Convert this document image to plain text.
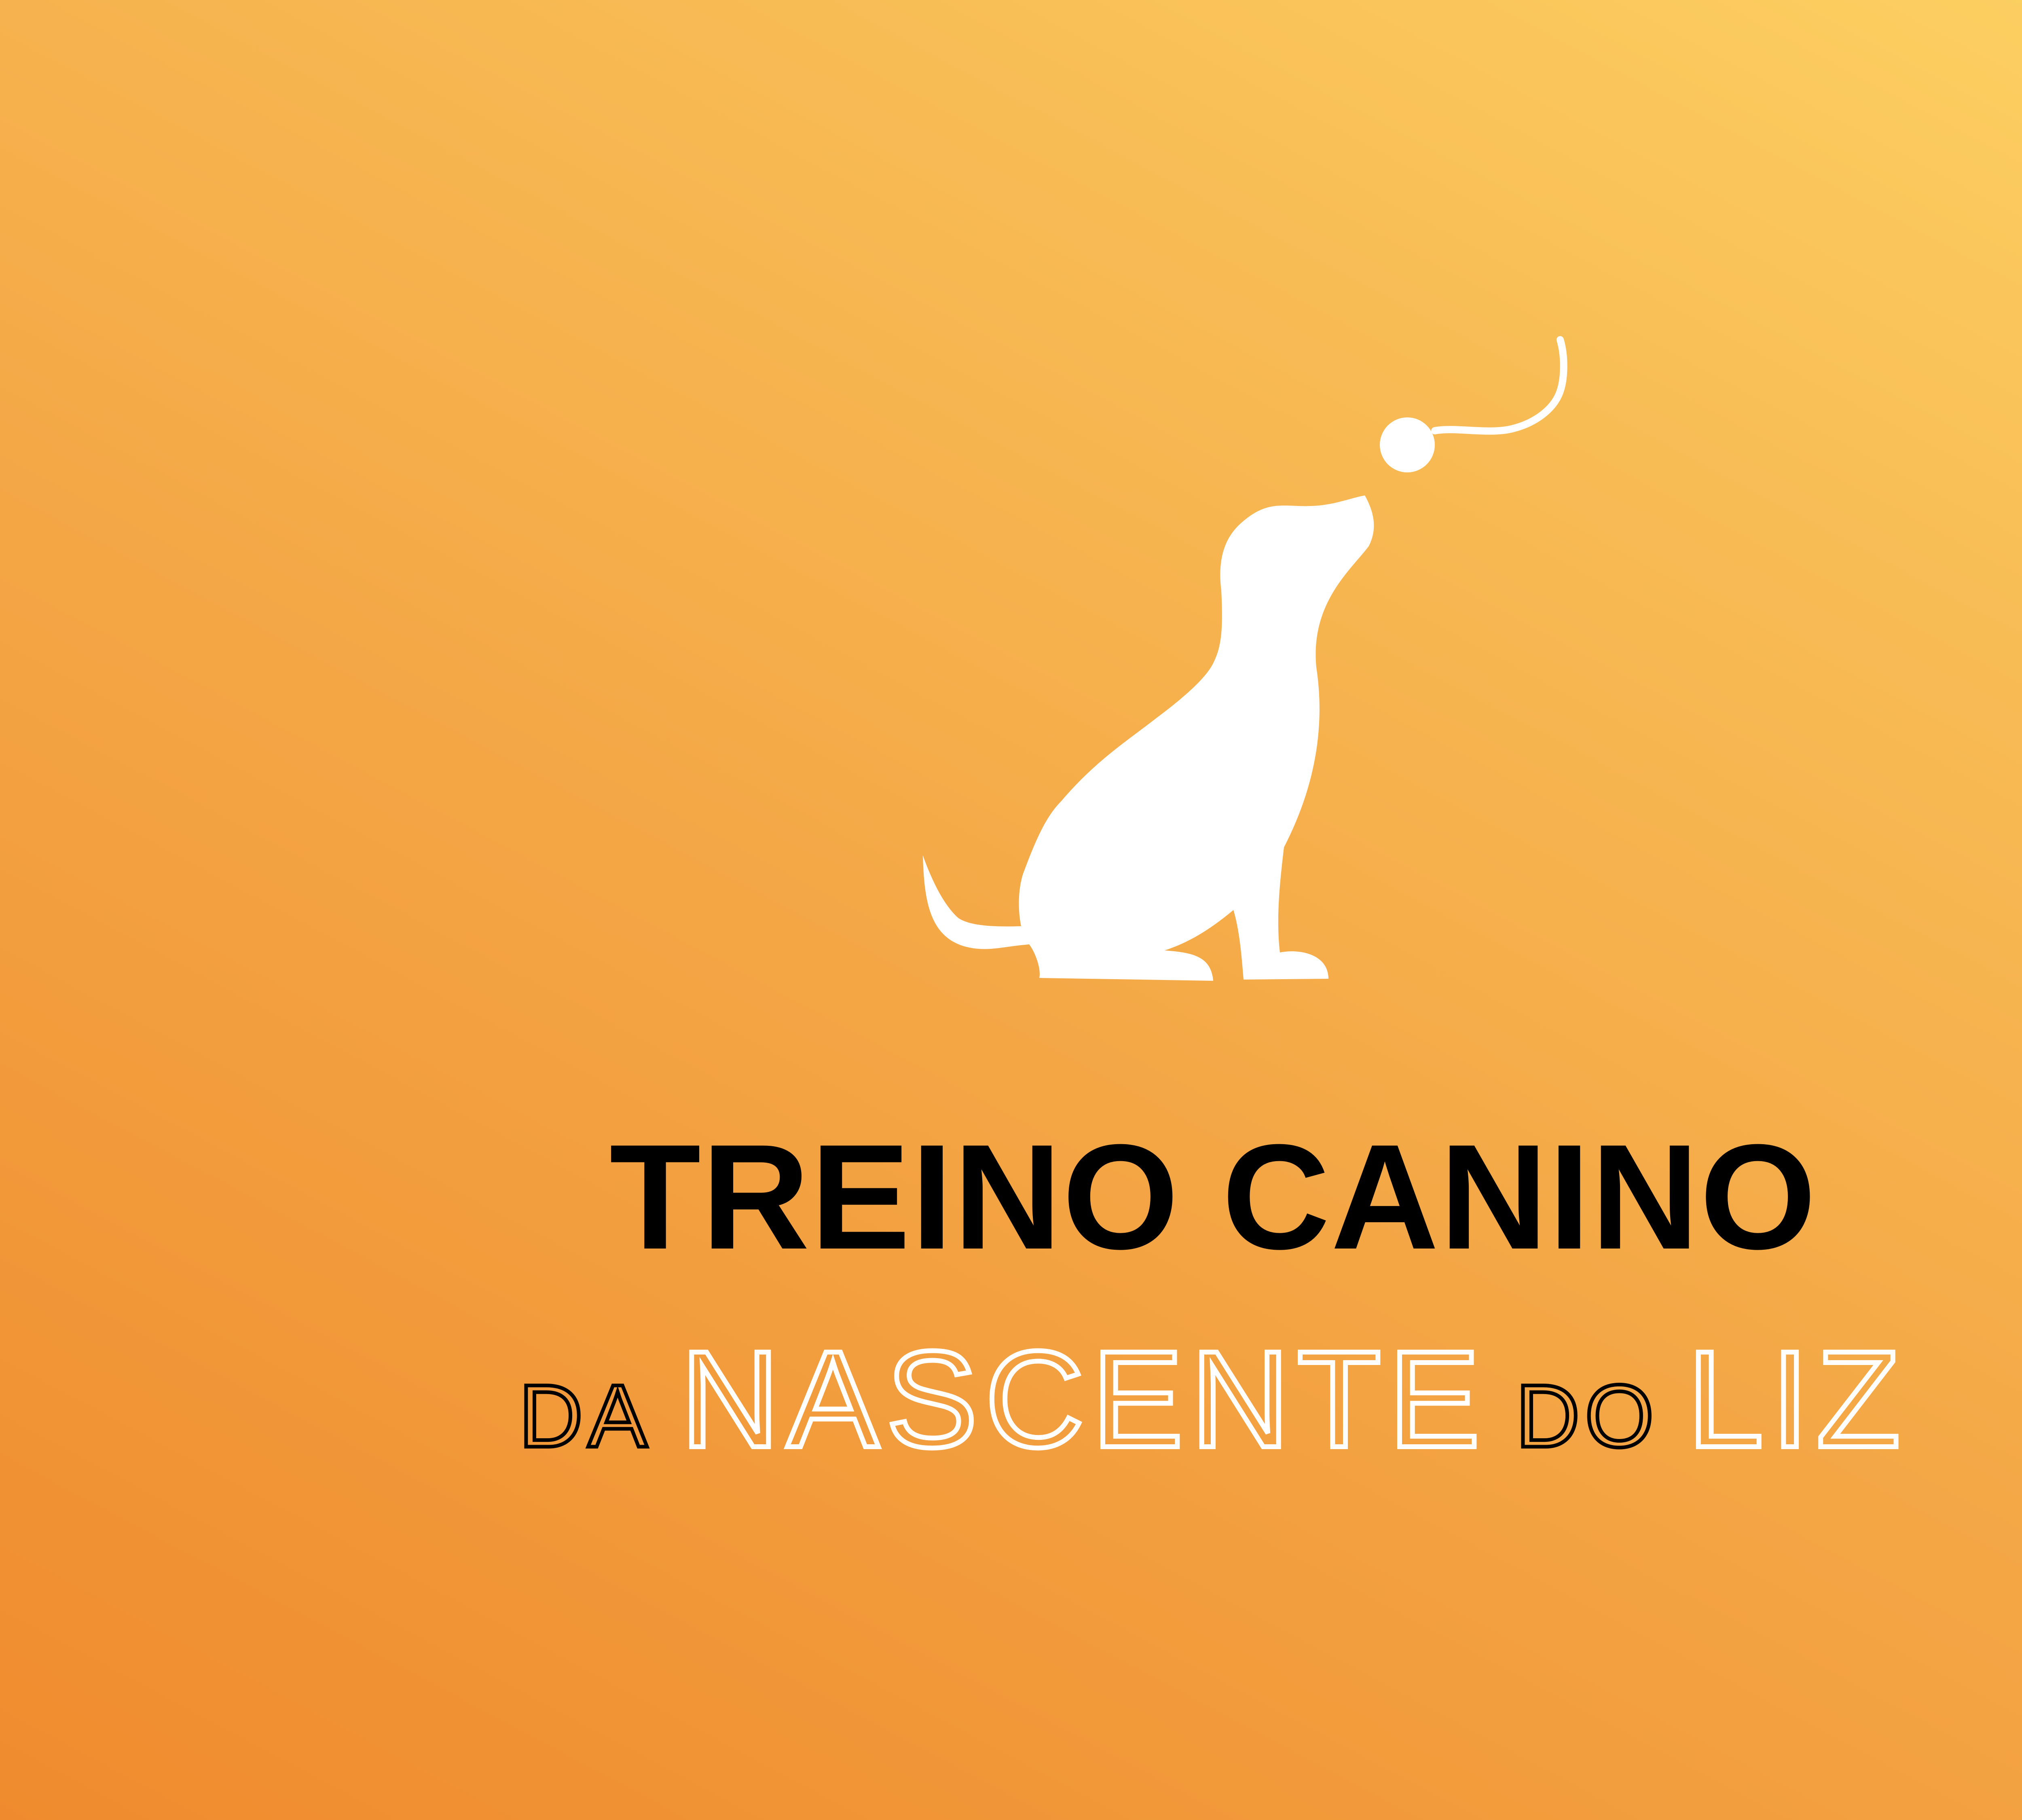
TREINO CANINO
DA NASCENTE DO LIZ
